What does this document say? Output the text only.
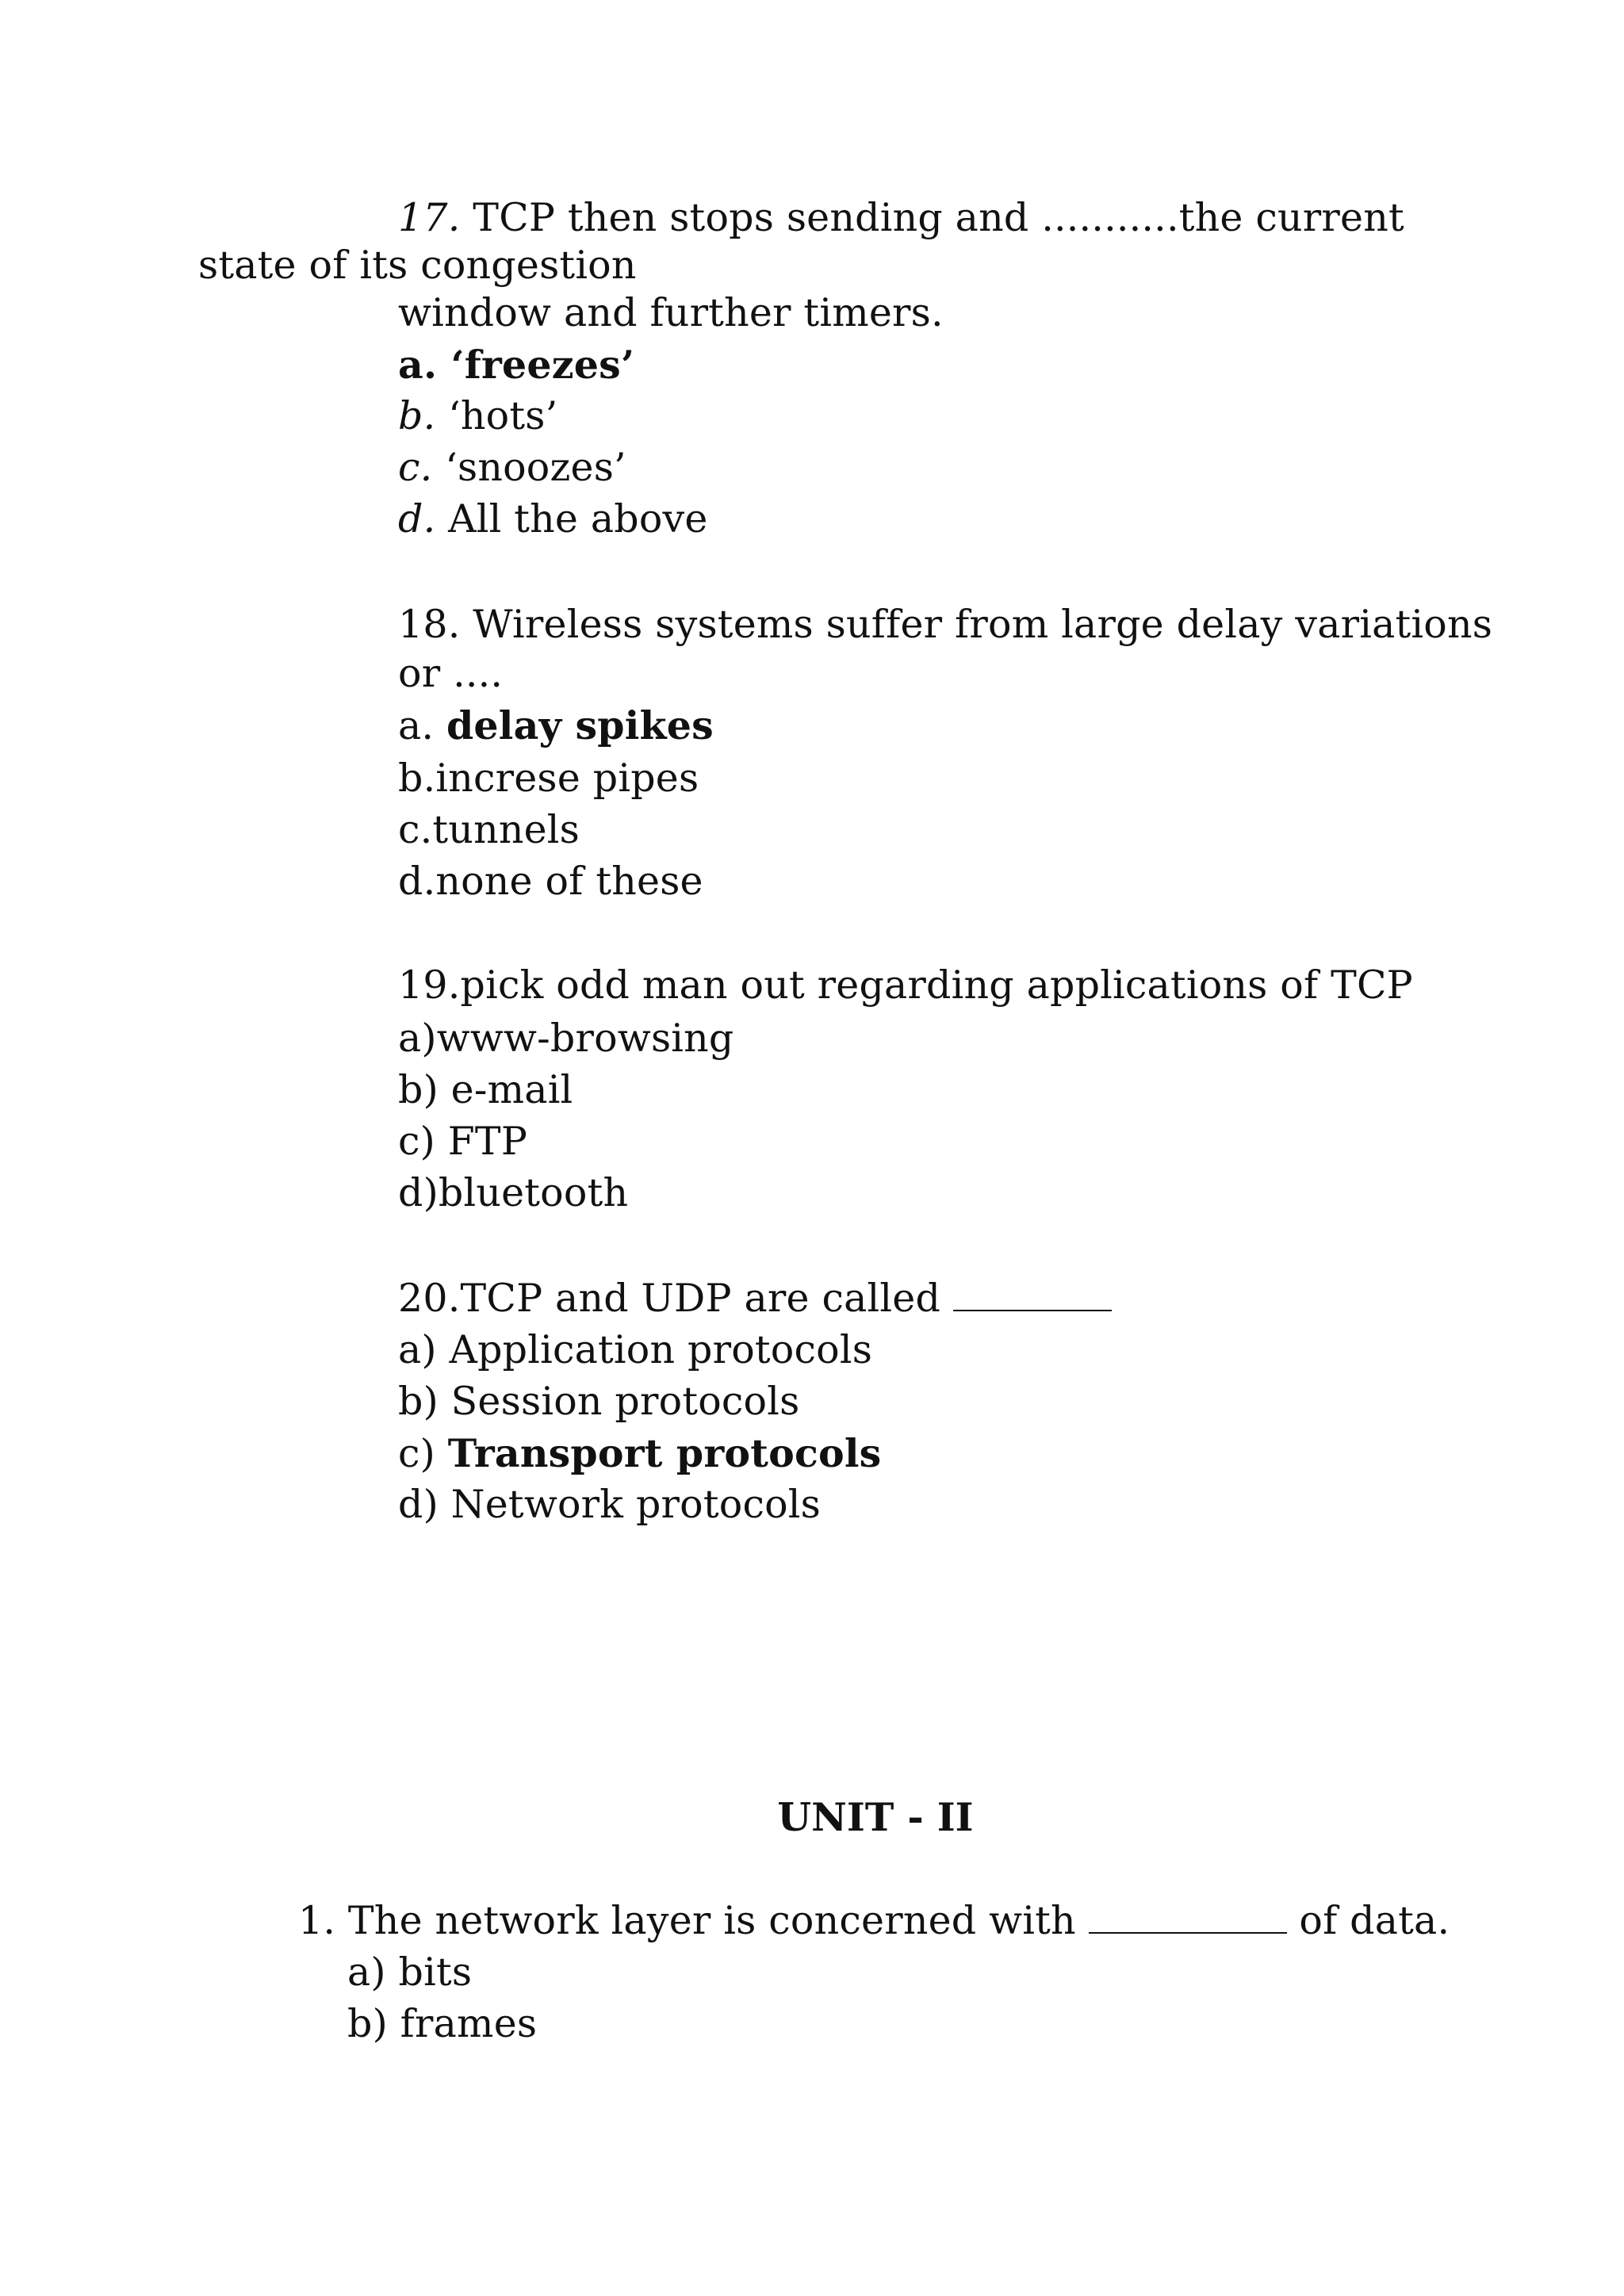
17. TCP then stops sending and ...........the current
state of its congestion
window and further timers.
a. ‘freezes’
b. ‘hots’
c. ‘snoozes’
d. All the above
18. Wireless systems suffer from large delay variations
or ....
a. delay spikes
b.increse pipes
c.tunnels
d.none of these
19.pick odd man out regarding applications of TCP
a)www-browsing
b) e-mail
c) FTP
d)bluetooth
20.TCP and UDP are called
a) Application protocols
b) Session protocols
c) Transport protocols
d) Network protocols
UNIT - II
1. The network layer is concerned with	of data.
a) bits
b) frames
